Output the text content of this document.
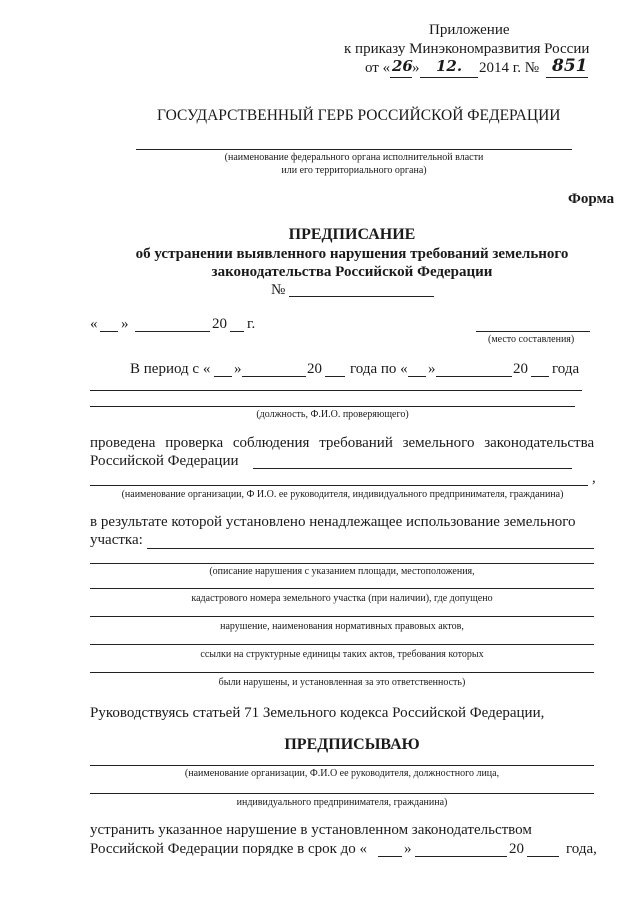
Приложение
к приказу Минэкономразвития России
от « 26 » 12. 2014 г. № 851
ГОСУДАРСТВЕННЫЙ ГЕРБ РОССИЙСКОЙ ФЕДЕРАЦИИ
(наименование федерального органа исполнительной власти
или его территориального органа)
Форма
ПРЕДПИСАНИЕ
об устранении выявленного нарушения требований земельного
законодательства Российской Федерации
№
« »	20 г.
(место составления)
В период с « »	20 года по « »	20 года
(должность, Ф.И.О. проверяющего)
проведена проверка соблюдения требований земельного законодательства
Российской Федерации
,
(наименование организации, Ф И.О. ее руководителя, индивидуального предпринимателя, гражданина)
в результате которой установлено ненадлежащее использование земельного
участка:
(описание нарушения с указанием площади, местоположения,
кадастрового номера земельного участка (при наличии), где допущено
нарушение, наименования нормативных правовых актов,
ссылки на структурные единицы таких актов, требования которых
были нарушены, и установленная за это ответственность)
Руководствуясь статьей 71 Земельного кодекса Российской Федерации,
ПРЕДПИСЫВАЮ
(наименование организации, Ф.И.О ее руководителя, должностного лица,
индивидуального предпринимателя, гражданина)
устранить указанное нарушение в установленном законодательством
Российской Федерации порядке в срок до « »	20	года,
